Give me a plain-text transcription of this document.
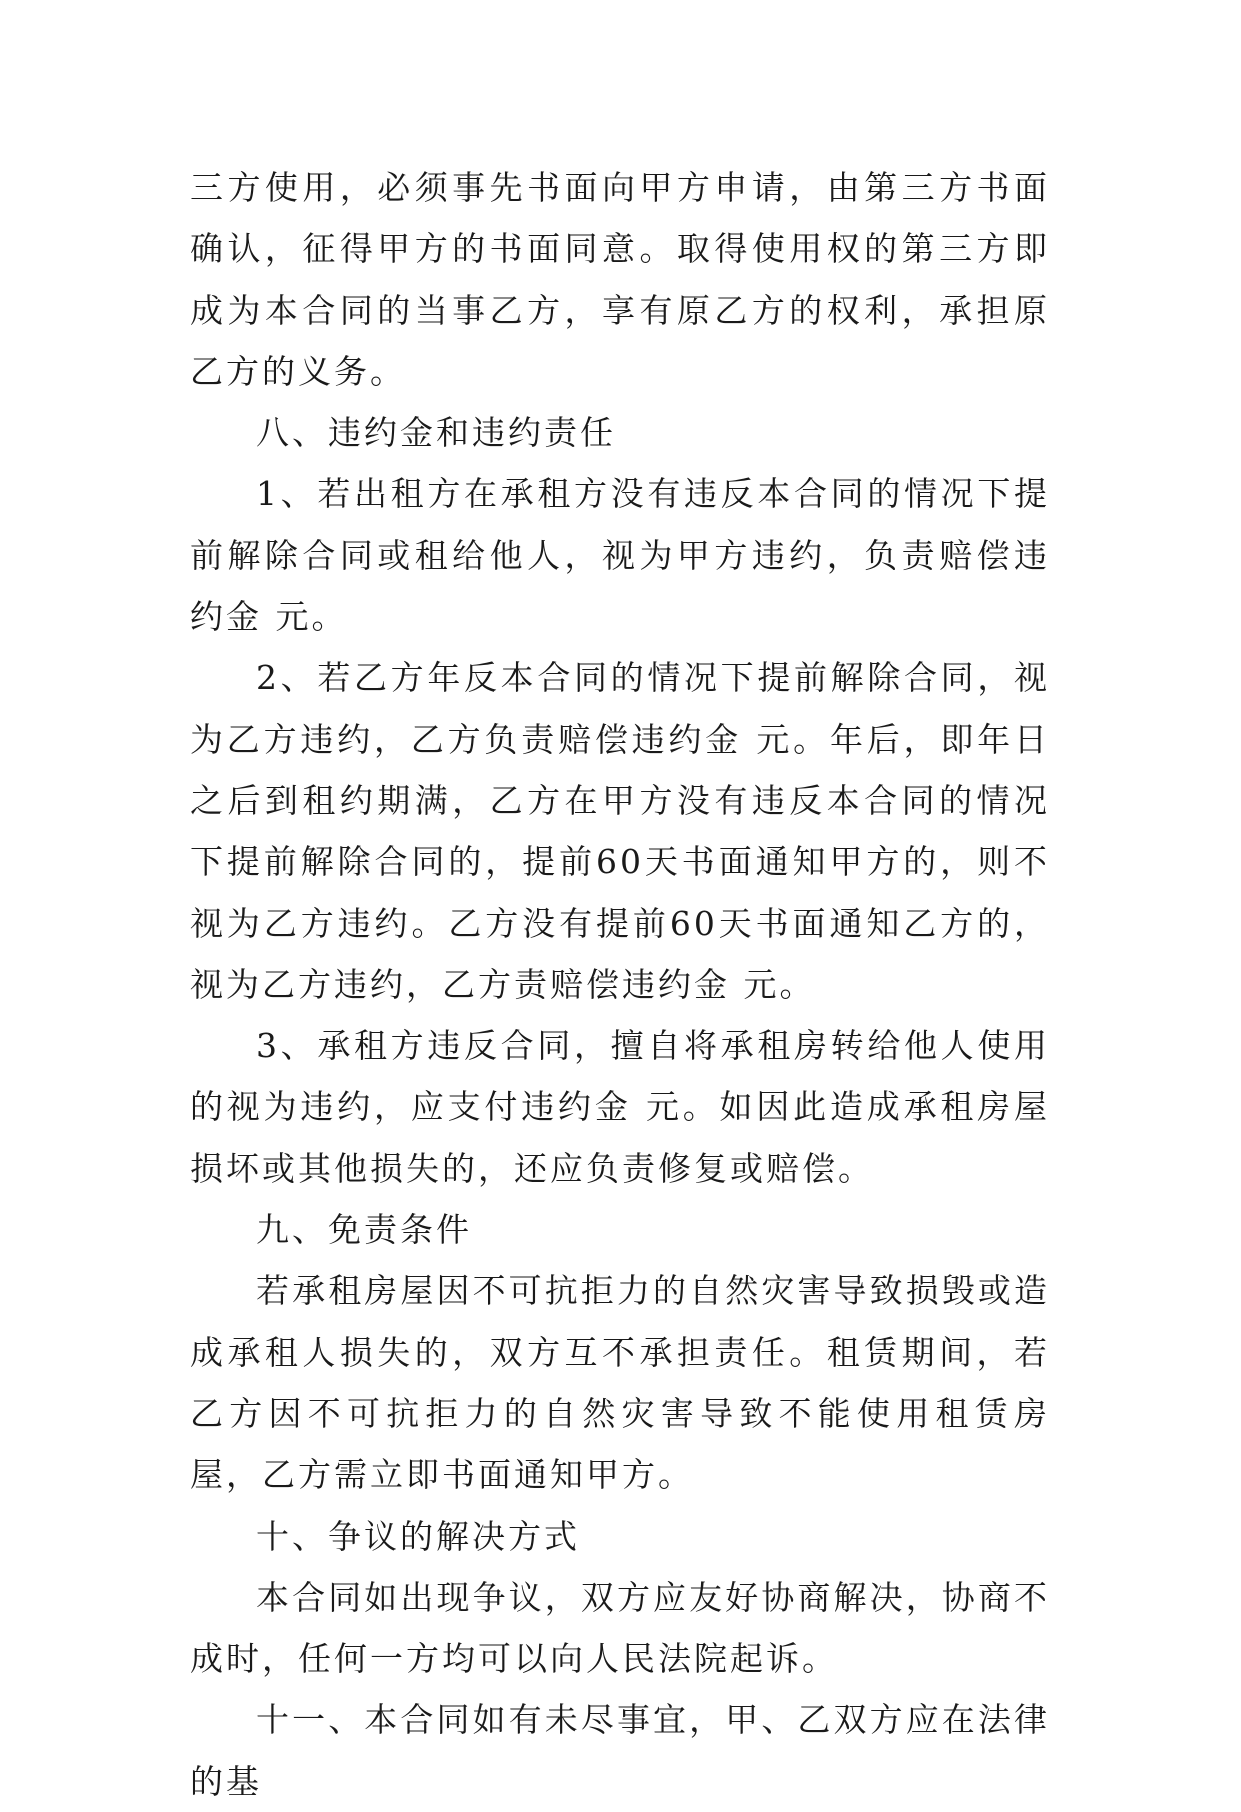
三方使用，必须事先书面向甲方申请，由第三方书面确认，征得甲方的书面同意。取得使用权的第三方即成为本合同的当事乙方，享有原乙方的权利，承担原乙方的义务。

八、违约金和违约责任

1、若出租方在承租方没有违反本合同的情况下提前解除合同或租给他人，视为甲方违约，负责赔偿违约金 元。

2、若乙方年反本合同的情况下提前解除合同，视为乙方违约，乙方负责赔偿违约金 元。年后，即年日之后到租约期满，乙方在甲方没有违反本合同的情况下提前解除合同的，提前60天书面通知甲方的，则不视为乙方违约。乙方没有提前60天书面通知乙方的，视为乙方违约，乙方责赔偿违约金 元。

3、承租方违反合同，擅自将承租房转给他人使用的视为违约，应支付违约金 元。如因此造成承租房屋损坏或其他损失的，还应负责修复或赔偿。

九、免责条件

若承租房屋因不可抗拒力的自然灾害导致损毁或造成承租人损失的，双方互不承担责任。租赁期间，若乙方因不可抗拒力的自然灾害导致不能使用租赁房屋，乙方需立即书面通知甲方。

十、争议的解决方式

本合同如出现争议，双方应友好协商解决，协商不成时，任何一方均可以向人民法院起诉。

十一、本合同如有未尽事宜，甲、乙双方应在法律的基
